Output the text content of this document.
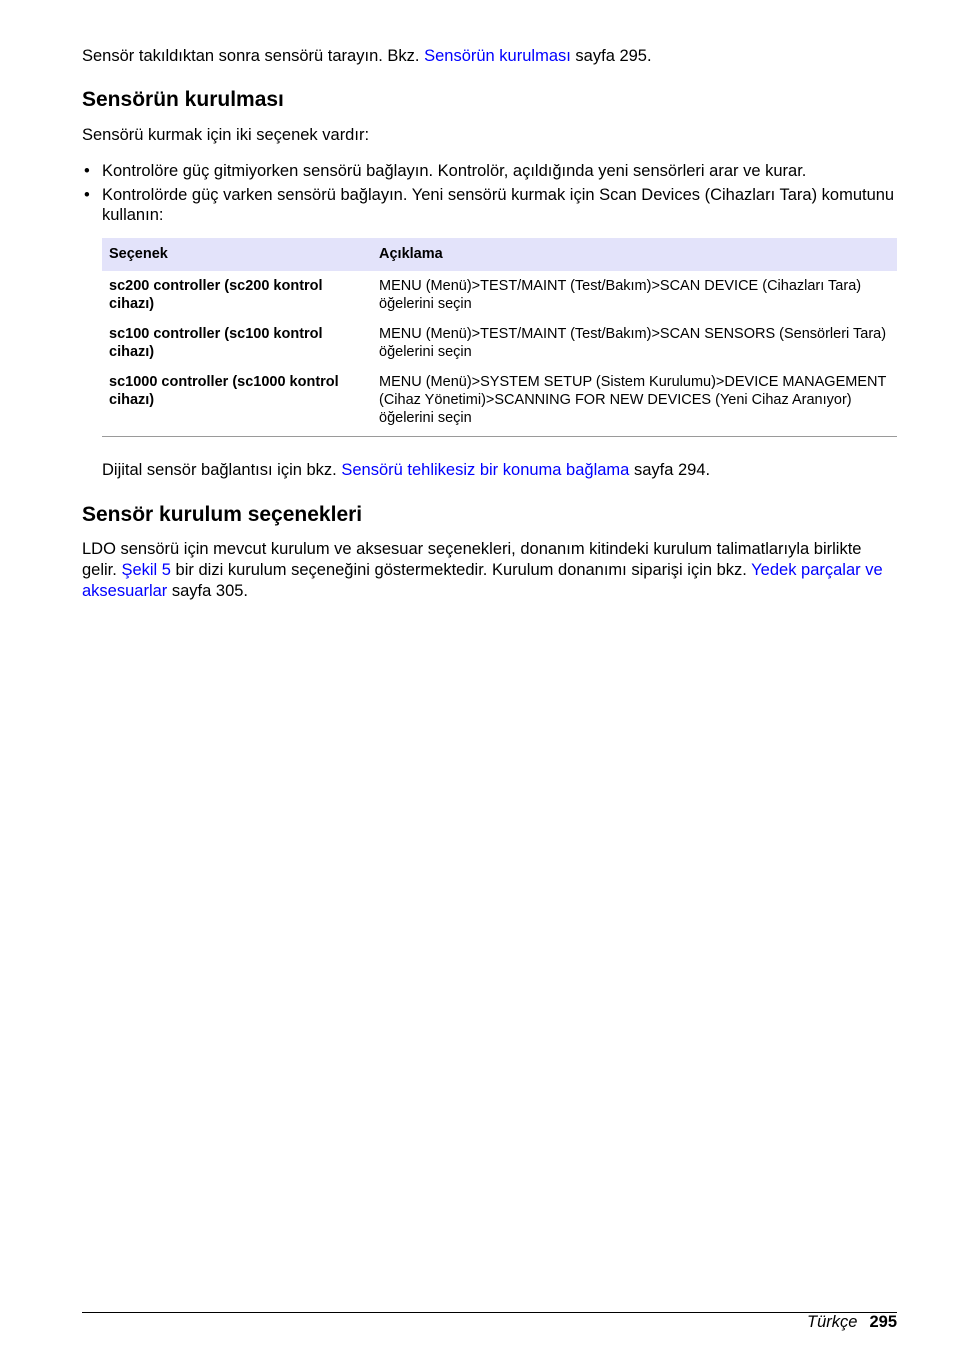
Sensör takıldıktan sonra sensörü tarayın. Bkz. Sensörün kurulması sayfa 295.

Sensörün kurulması

Sensörü kurmak için iki seçenek vardır:

• Kontrolöre güç gitmiyorken sensörü bağlayın. Kontrolör, açıldığında yeni sensörleri arar ve kurar.
• Kontrolörde güç varken sensörü bağlayın. Yeni sensörü kurmak için Scan Devices (Cihazları Tara) komutunu kullanın:
Seçenek	Açıklama
sc200 controller (sc200 kontrol cihazı)	MENU (Menü)>TEST/MAINT (Test/Bakım)>SCAN DEVICE (Cihazları Tara) öğelerini seçin
sc100 controller (sc100 kontrol cihazı)	MENU (Menü)>TEST/MAINT (Test/Bakım)>SCAN SENSORS (Sensörleri Tara) öğelerini seçin
sc1000 controller (sc1000 kontrol cihazı)	MENU (Menü)>SYSTEM SETUP (Sistem Kurulumu)>DEVICE MANAGEMENT (Cihaz Yönetimi)>SCANNING FOR NEW DEVICES (Yeni Cihaz Aranıyor) öğelerini seçin

Dijital sensör bağlantısı için bkz. Sensörü tehlikesiz bir konuma bağlama sayfa 294.

Sensör kurulum seçenekleri

LDO sensörü için mevcut kurulum ve aksesuar seçenekleri, donanım kitindeki kurulum talimatlarıyla birlikte gelir. Şekil 5 bir dizi kurulum seçeneğini göstermektedir. Kurulum donanımı siparişi için bkz. Yedek parçalar ve aksesuarlar sayfa 305.

Türkçe 295
